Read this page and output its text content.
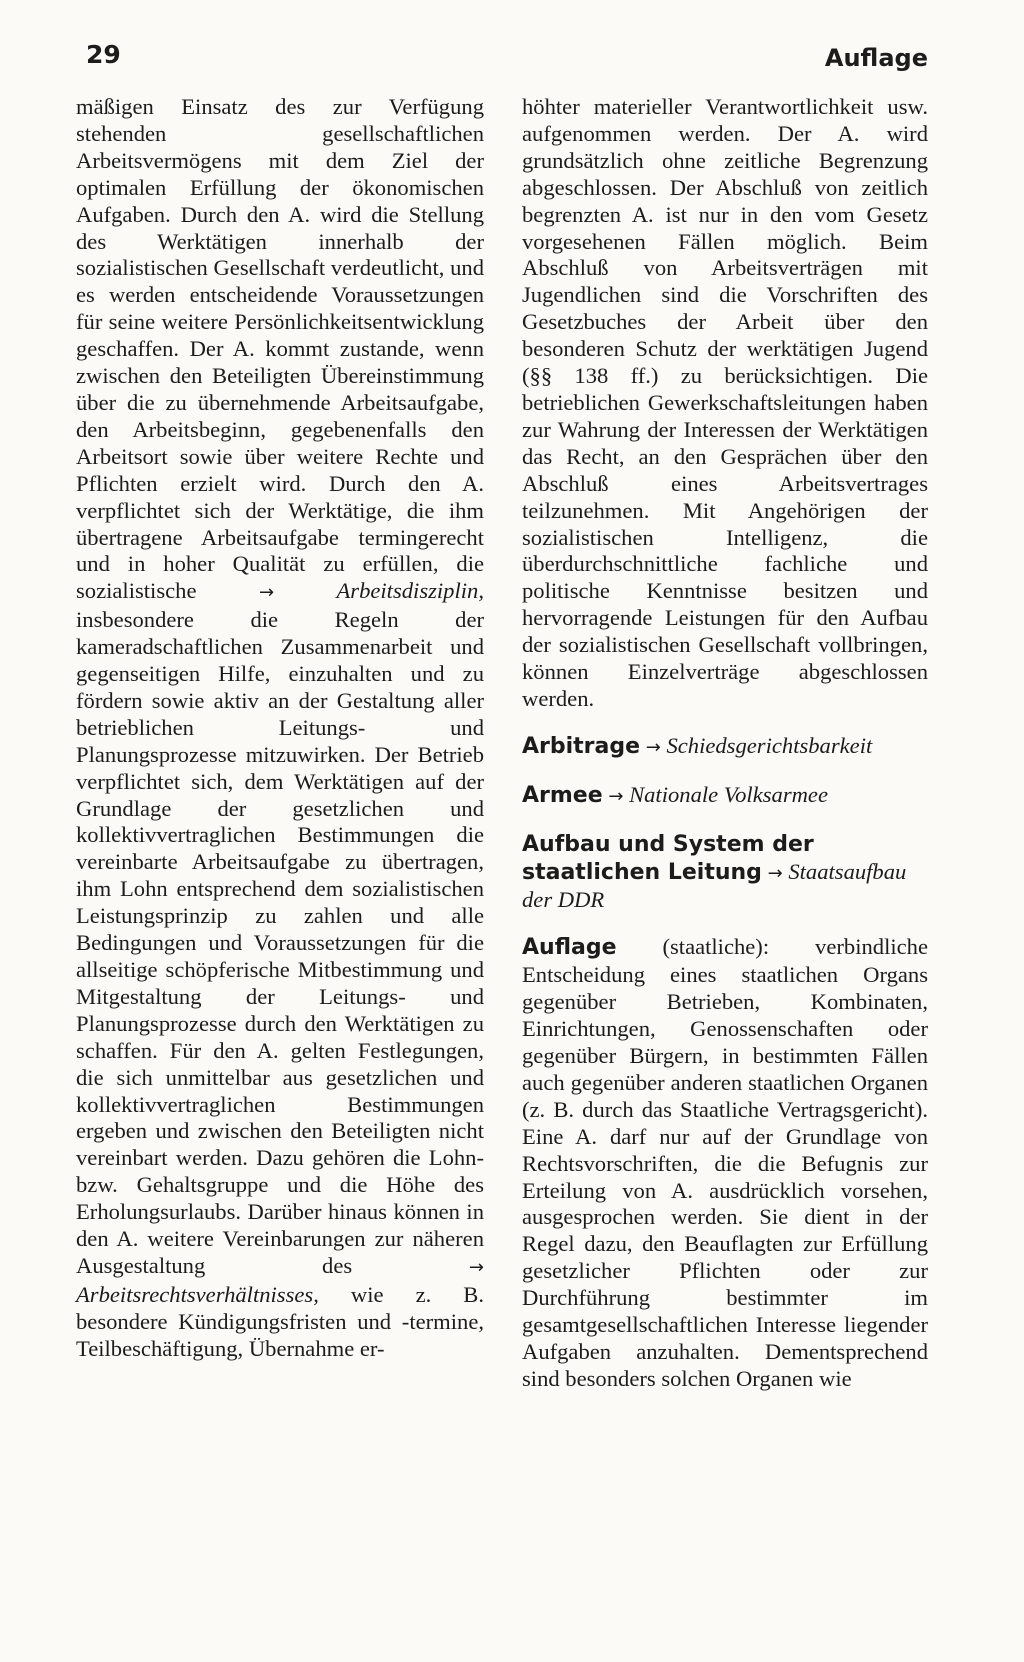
29	Auflage

mäßigen Einsatz des zur Verfügung stehenden gesellschaftlichen Arbeitsvermögens mit dem Ziel der optimalen Erfüllung der ökonomischen Aufgaben. Durch den A. wird die Stellung des Werktätigen innerhalb der sozialistischen Gesellschaft verdeutlicht, und es werden entscheidende Voraussetzungen für seine weitere Persönlichkeitsentwicklung geschaffen. Der A. kommt zustande, wenn zwischen den Beteiligten Übereinstimmung über die zu übernehmende Arbeitsaufgabe, den Arbeitsbeginn, gegebenenfalls den Arbeitsort sowie über weitere Rechte und Pflichten erzielt wird. Durch den A. verpflichtet sich der Werktätige, die ihm übertragene Arbeitsaufgabe termingerecht und in hoher Qualität zu erfüllen, die sozialistische	→	Arbeitsdisziplin, insbesondere die Regeln der kameradschaftlichen Zusammenarbeit und gegenseitigen Hilfe, einzuhalten und zu fördern sowie aktiv an der Gestaltung aller betrieblichen Leitungs- und Planungsprozesse mitzuwirken. Der Betrieb verpflichtet sich, dem Werktätigen auf der Grundlage der gesetzlichen und kollektivvertraglichen Bestimmungen die vereinbarte Arbeitsaufgabe zu übertragen, ihm Lohn entsprechend dem sozialistischen Leistungsprinzip zu zahlen und alle Bedingungen und Voraussetzungen für die allseitige schöpferische Mitbestimmung und Mitgestaltung der Leitungs- und Planungsprozesse durch den Werktätigen zu schaffen. Für den A. gelten Festlegungen, die sich unmittelbar aus gesetzlichen und kollektivvertraglichen Bestimmungen ergeben und zwischen den Beteiligten nicht vereinbart werden. Dazu gehören die Lohn- bzw. Gehaltsgruppe und die Höhe des Erholungsurlaubs. Darüber hinaus können in den A. weitere Vereinbarungen zur näheren Ausgestaltung des	→ Arbeitsrechtsverhältnisses, wie z. B. besondere Kündigungsfristen und -termine, Teilbeschäftigung, Übernahme er-

höhter materieller Verantwortlichkeit usw. aufgenommen werden. Der A. wird grundsätzlich ohne zeitliche Begrenzung abgeschlossen. Der Abschluß von zeitlich begrenzten A. ist nur in den vom Gesetz vorgesehenen Fällen möglich. Beim Abschluß von Arbeitsverträgen mit Jugendlichen sind die Vorschriften des Gesetzbuches der Arbeit über den besonderen Schutz der werktätigen Jugend (§§ 138 ff.) zu berücksichtigen. Die betrieblichen Gewerkschaftsleitungen haben zur Wahrung der Interessen der Werktätigen das Recht, an den Gesprächen über den Abschluß eines Arbeitsvertrages teilzunehmen. Mit Angehörigen der sozialistischen Intelligenz, die überdurchschnittliche fachliche und politische Kenntnisse besitzen und hervorragende Leistungen für den Aufbau der sozialistischen Gesellschaft vollbringen, können Einzelverträge abgeschlossen werden.

Arbitrage → Schiedsgerichtsbarkeit

Armee → Nationale Volksarmee

Aufbau und System der staatlichen Leitung → Staatsaufbau der DDR

Auflage (staatliche): verbindliche Entscheidung eines staatlichen Organs gegenüber Betrieben, Kombinaten, Einrichtungen, Genossenschaften oder gegenüber Bürgern, in bestimmten Fällen auch gegenüber anderen staatlichen Organen (z. B. durch das Staatliche Vertragsgericht). Eine A. darf nur auf der Grundlage von Rechtsvorschriften, die die Befugnis zur Erteilung von A. ausdrücklich vorsehen, ausgesprochen werden. Sie dient in der Regel dazu, den Beauflagten zur Erfüllung gesetzlicher Pflichten oder zur Durchführung bestimmter im gesamtgesellschaftlichen Interesse liegender Aufgaben anzuhalten. Dementsprechend sind besonders solchen Organen wie
